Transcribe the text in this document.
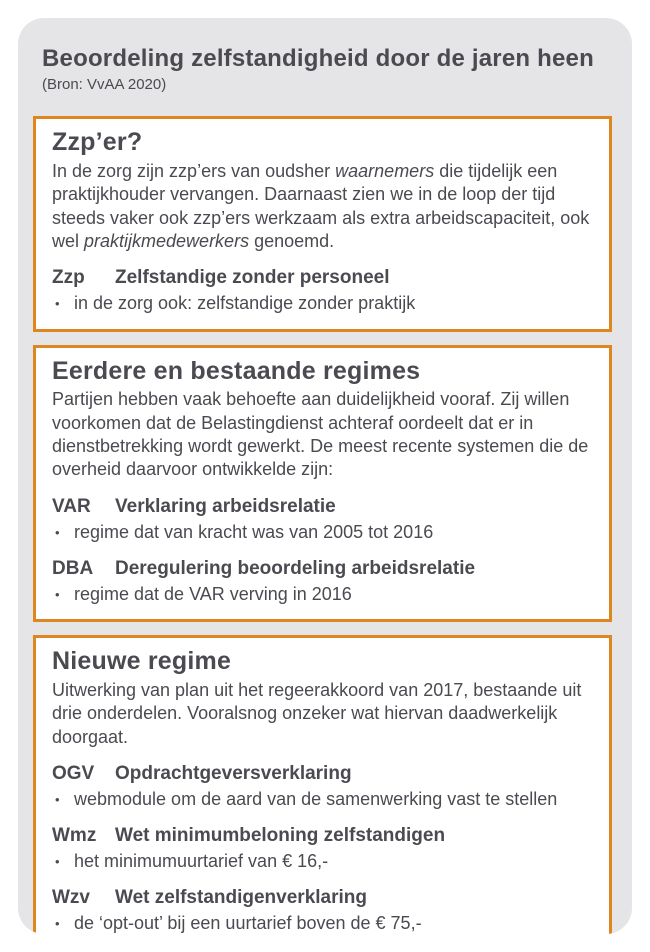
Beoordeling zelfstandigheid door de jaren heen

(Bron: VvAA 2020)

Zzp’er?

In de zorg zijn zzp’ers van oudsher waarnemers die tijdelijk een praktijkhouder vervangen. Daarnaast zien we in de loop der tijd steeds vaker ook zzp’ers werkzaam als extra arbeidscapaciteit, ook wel praktijkmedewerkers genoemd.

Zzp	Zelfstandige zonder personeel
• in de zorg ook: zelfstandige zonder praktijk
Eerdere en bestaande regimes

Partijen hebben vaak behoefte aan duidelijkheid vooraf. Zij willen voorkomen dat de Belastingdienst achteraf oordeelt dat er in dienstbetrekking wordt gewerkt. De meest recente systemen die de overheid daarvoor ontwikkelde zijn:

VAR	Verklaring arbeidsrelatie
• regime dat van kracht was van 2005 tot 2016
DBA	Deregulering beoordeling arbeidsrelatie
• regime dat de VAR verving in 2016
Nieuwe regime

Uitwerking van plan uit het regeerakkoord van 2017, bestaande uit drie onderdelen. Vooralsnog onzeker wat hiervan daadwerkelijk doorgaat.

OGV	Opdrachtgeversverklaring
• webmodule om de aard van de samenwerking vast te stellen
Wmz Wet minimumbeloning zelfstandigen
• het minimumuurtarief van € 16,-
Wzv	Wet zelfstandigenverklaring
• de ‘opt-out’ bij een uurtarief boven de € 75,-
